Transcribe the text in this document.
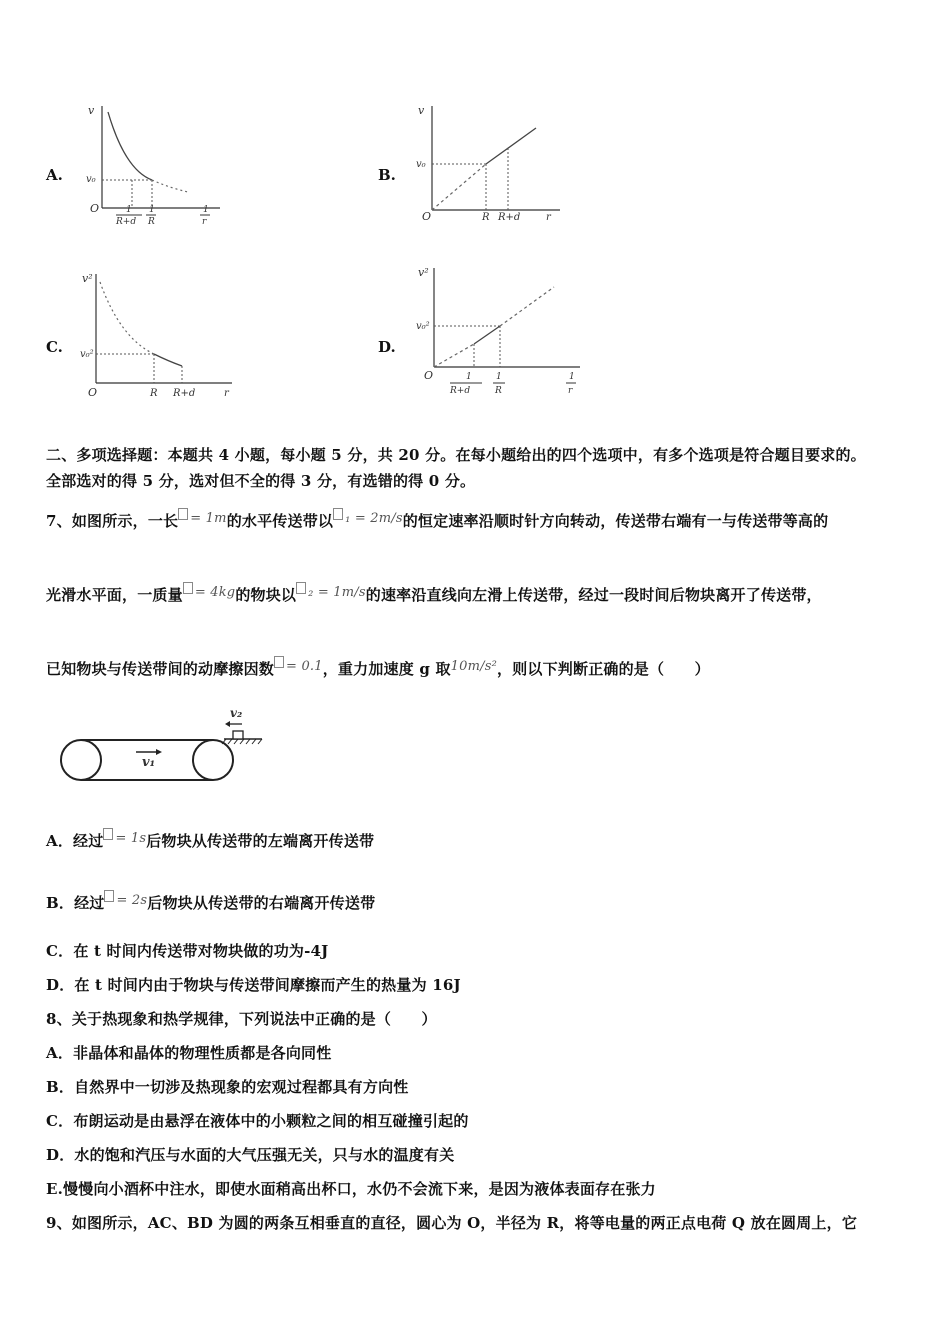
A.
v
v₀
O	1
R+d
1
R
1
r
B.
v
v₀
O	R R+d	r
C.
v²
v₀²
O	R R+d	r
D.
v²
v₀²
O	1
R+d
1
R
1
r
二、多项选择题：本题共 4 小题，每小题 5 分，共 20 分。在每小题给出的四个选项中，有多个选项是符合题目要求的。
全部选对的得 5 分，选对但不全的得 3 分，有选错的得 0 分。
7、如图所示，一长 = 1m的水平传送带以 ₁ = 2m/s的恒定速率沿顺时针方向转动，传送带右端有一与传送带等高的
光滑水平面，一质量 = 4kg的物块以 ₂ = 1m/s的速率沿直线向左滑上传送带，经过一段时间后物块离开了传送带，
已知物块与传送带间的动摩擦因数 = 0.1，重力加速度 g 取10m/s²，则以下判断正确的是（　　）
v₁
v₂
A．经过 = 1s后物块从传送带的左端离开传送带
B．经过 = 2s后物块从传送带的右端离开传送带
C．在 t 时间内传送带对物块做的功为-4J
D．在 t 时间内由于物块与传送带间摩擦而产生的热量为 16J
8、关于热现象和热学规律，下列说法中正确的是（　　）
A．非晶体和晶体的物理性质都是各向同性
B．自然界中一切涉及热现象的宏观过程都具有方向性
C．布朗运动是由悬浮在液体中的小颗粒之间的相互碰撞引起的
D．水的饱和汽压与水面的大气压强无关，只与水的温度有关
E.慢慢向小酒杯中注水，即使水面稍高出杯口，水仍不会流下来，是因为液体表面存在张力
9、如图所示，AC、BD 为圆的两条互相垂直的直径，圆心为 O，半径为 R，将等电量的两正点电荷 Q 放在圆周上，它
